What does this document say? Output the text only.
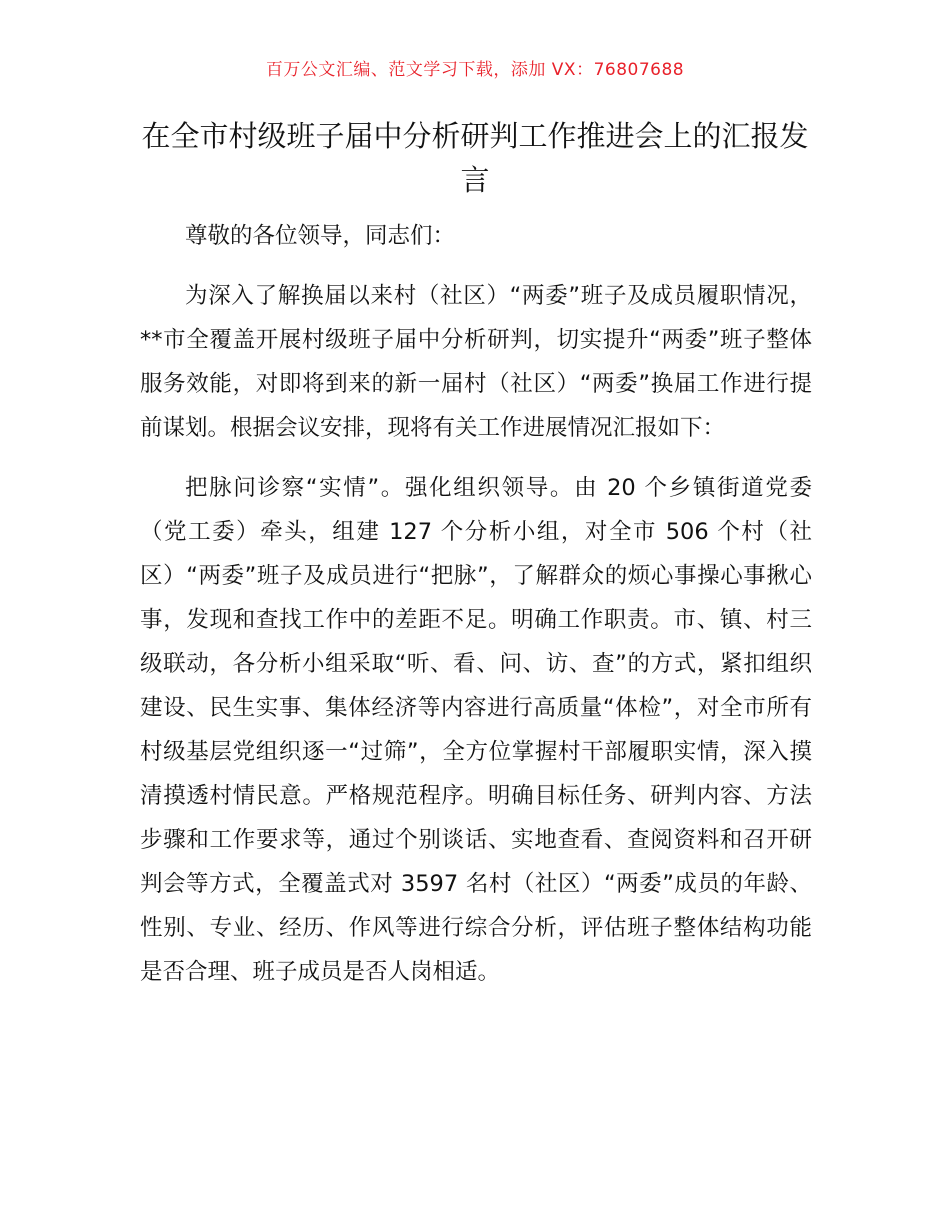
百万公文汇编、范文学习下载，添加 VX：76807688
在全市村级班子届中分析研判工作推进会上的汇报发言

尊敬的各位领导，同志们：

为深入了解换届以来村（社区）“两委”班子及成员履职情况，**市全覆盖开展村级班子届中分析研判，切实提升“两委”班子整体服务效能，对即将到来的新一届村（社区）“两委”换届工作进行提前谋划。根据会议安排，现将有关工作进展情况汇报如下：

把脉问诊察“实情”。强化组织领导。由 20 个乡镇街道党委（党工委）牵头，组建 127 个分析小组，对全市 506 个村（社区）“两委”班子及成员进行“把脉”，了解群众的烦心事操心事揪心事，发现和查找工作中的差距不足。明确工作职责。市、镇、村三级联动，各分析小组采取“听、看、问、访、查”的方式，紧扣组织建设、民生实事、集体经济等内容进行高质量“体检”，对全市所有村级基层党组织逐一“过筛”，全方位掌握村干部履职实情，深入摸清摸透村情民意。严格规范程序。明确目标任务、研判内容、方法步骤和工作要求等，通过个别谈话、实地查看、查阅资料和召开研判会等方式，全覆盖式对 3597 名村（社区）“两委”成员的年龄、性别、专业、经历、作风等进行综合分析，评估班子整体结构功能是否合理、班子成员是否人岗相适。
